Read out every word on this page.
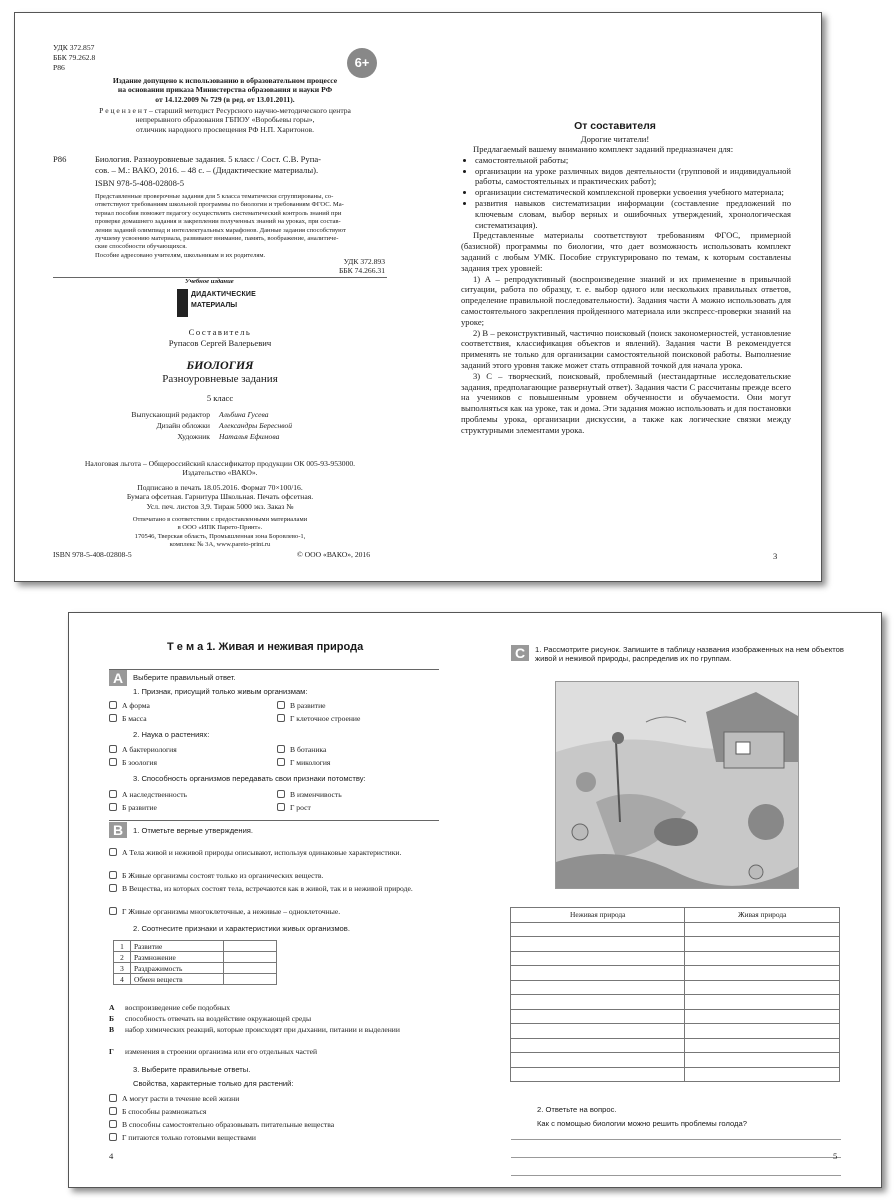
УДК 372.857
ББК 79.262.8
Р86	6+
Издание допущено к использованию в образовательном процессе
на основании приказа Министерства образования и науки РФ
от 14.12.2009 № 729 (в ред. от 13.01.2011).
Р е ц е н з е н т – старший методист Ресурсного научно-методического центра
непрерывного образования ГБПОУ «Воробьевы горы»,
отличник народного просвещения РФ Н.П. Харитонов.
Р86	Биология. Разноуровневые задания. 5 класс / Сост. С.В. Рупа-
сов. – М.: ВАКО, 2016. – 48 с. – (Дидактические материалы).
ISBN 978-5-408-02808-5
Представленные проверочные задания для 5 класса тематически сгруппированы, со-
ответствуют требованиям школьной программы по биологии и требованиям ФГОС. Ма-
териал пособия поможет педагогу осуществлять систематический контроль знаний при
проверке домашнего задания и закреплении полученных знаний на уроках, при состав-
лении заданий олимпиад и интеллектуальных марафонов. Данные задания способствуют
лучшему усвоению материала, развивают внимание, память, воображение, аналитиче-
ские способности обучающихся.
Пособие адресовано учителям, школьникам и их родителям.
УДК 372.893
ББК 74.266.31
Учебное издание
ДИДАКТИЧЕСКИЕ
МАТЕРИАЛЫ
Составитель
Рупасов Сергей Валерьевич
БИОЛОГИЯ
Разноуровневые задания
5 класс
Выпускающий редактор Альбина Гусева
Дизайн обложки Александры Береснвой
Художник Наталья Ефимова
Налоговая льгота – Общероссийский классификатор продукции ОК 005-93-953000.
Издательство «ВАКО».
Подписано в печать 18.05.2016. Формат 70×100/16.
Бумага офсетная. Гарнитура Школьная. Печать офсетная.
Усл. печ. листов 3,9. Тираж 5000 экз. Заказ №
Отпечатано в соответствии с предоставленными материалами
в ООО «ИПК Парето-Принт».
170546, Тверская область, Промышленная зона Боровлево-1,
комплекс № 3А, www.pareto-print.ru
ISBN 978-5-408-02808-5	© ООО «ВАКО», 2016
От составителя
Дорогие читатели!
Предлагаемый вашему вниманию комплект заданий предназначен для:
• самостоятельной работы;
• организации на уроке различных видов деятельности (групповой и индивидуальной работы, самостоятельных и практических работ);
• организации систематической комплексной проверки усвоения учебного материала;
• развития навыков систематизации информации (составление предложений по ключевым словам, выбор верных и ошибочных утверждений, хронологическая систематизация).
Представленные материалы соответствуют требованиям ФГОС, примерной (базисной) программы по биологии, что дает возможность использовать комплект заданий с любым УМК. Пособие структурировано по темам, к которым составлены задания трех уровней:
1) А – репродуктивный (воспроизведение знаний и их применение в привычной ситуации, работа по образцу, т. е. выбор одного или нескольких правильных ответов, определение правильной последовательности). Задания части А можно использовать для самостоятельного закрепления пройденного материала или экспресс-проверки знаний на уроке;
2) В – реконструктивный, частично поисковый (поиск закономерностей, установление соответствия, классификация объектов и явлений). Задания части В рекомендуется применять не только для организации самостоятельной поисковой работы. Выполнение заданий этого уровня также может стать отправной точкой для начала урока.
3) С – творческий, поисковый, проблемный (нестандартные исследовательские задания, предполагающие развернутый ответ). Задания части С рассчитаны прежде всего на учеников с повышенным уровнем обученности и обучаемости. Они могут выполняться как на уроке, так и дома. Эти задания можно использовать и для постановки проблемы урока, организации дискуссии, а также как логические связки между структурными элементами урока.
3
Т е м а 1. Живая и неживая природа
А	Выберите правильный ответ.
1. Признак, присущий только живым организмам:
А форма
Б масса
В развитие
Г клеточное строение
2. Наука о растениях:
А бактериология
Б зоология
В ботаника
Г микология
3. Способность организмов передавать свои признаки потомству:
А наследственность
Б развитие
В изменчивость
Г рост
В	1. Отметьте верные утверждения.
А Тела живой и неживой природы описывают, используя одинаковые характеристики.
Б Живые организмы состоят только из органических веществ.
В Вещества, из которых состоят тела, встречаются как в живой, так и в неживой природе.
Г Живые организмы многоклеточные, а неживые – одноклеточные.
2. Соотнесите признаки и характеристики живых организмов.
1	Развитие	
2	Размножение	
3	Раздражимость	
4	Обмен веществ	
А воспроизведение себе подобных
Б способность отвечать на воздействие окружающей среды
В набор химических реакций, которые происходят при дыхании, питании и выделении
Г изменения в строении организма или его отдельных частей
3. Выберите правильные ответы.
Свойства, характерные только для растений:
А могут расти в течение всей жизни
Б способны размножаться
В способны самостоятельно образовывать питательные вещества
Г питаются только готовыми веществами
4
С	1. Рассмотрите рисунок. Запишите в таблицу названия изображенных на нем объектов живой и неживой природы, распределив их по группам.
Неживая природа	Живая природа

2. Ответьте на вопрос.
Как с помощью биологии можно решить проблемы голода?
5
